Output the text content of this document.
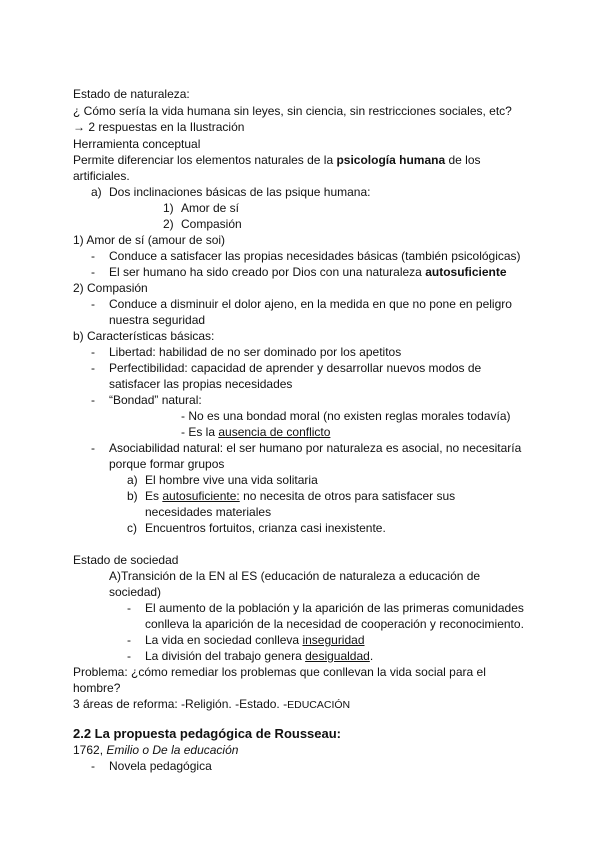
Estado de naturaleza:
¿ Cómo sería la vida humana sin leyes, sin ciencia, sin restricciones sociales, etc?
→ 2 respuestas en la Ilustración
Herramienta conceptual
Permite diferenciar los elementos naturales de la psicología humana de los
artificiales.
a) Dos inclinaciones básicas de las psique humana:
1) Amor de sí
2) Compasión
1) Amor de sí (amour de soi)
- Conduce a satisfacer las propias necesidades básicas (también psicológicas)
- El ser humano ha sido creado por Dios con una naturaleza autosuficiente
2) Compasión
- Conduce a disminuir el dolor ajeno, en la medida en que no pone en peligro
nuestra seguridad
b) Características básicas:
- Libertad: habilidad de no ser dominado por los apetitos
- Perfectibilidad: capacidad de aprender y desarrollar nuevos modos de
satisfacer las propias necesidades
- “Bondad” natural:
- No es una bondad moral (no existen reglas morales todavía)
- Es la ausencia de conflicto
- Asociabilidad natural: el ser humano por naturaleza es asocial, no necesitaría
porque formar grupos
a) El hombre vive una vida solitaria
b) Es autosuficiente: no necesita de otros para satisfacer sus
necesidades materiales
c) Encuentros fortuitos, crianza casi inexistente.
Estado de sociedad
A)Transición de la EN al ES (educación de naturaleza a educación de
sociedad)
- El aumento de la población y la aparición de las primeras comunidades
conlleva la aparición de la necesidad de cooperación y reconocimiento.
- La vida en sociedad conlleva inseguridad
- La división del trabajo genera desigualdad.
Problema: ¿cómo remediar los problemas que conllevan la vida social para el
hombre?
3 áreas de reforma: -Religión. -Estado. -EDUCACIÓN
2.2 La propuesta pedagógica de Rousseau:
1762, Emilio o De la educación
- Novela pedagógica
